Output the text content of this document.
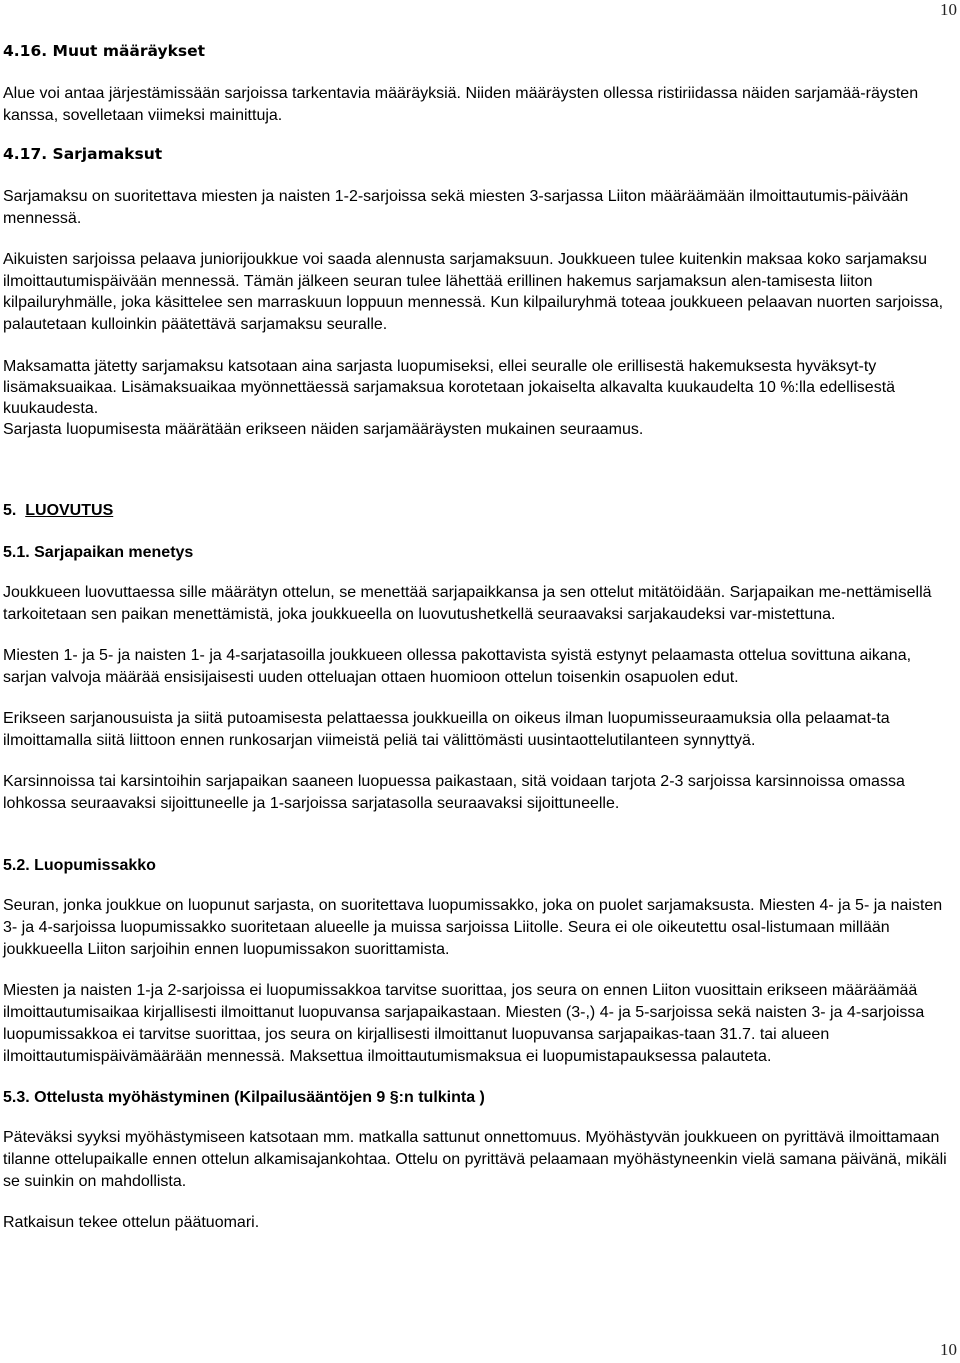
10
4.16. Muut määräykset

Alue voi antaa järjestämissään sarjoissa tarkentavia määräyksiä. Niiden määräysten ollessa ristiriidassa näiden sarjamää-räysten kanssa, sovelletaan viimeksi mainittuja.

4.17. Sarjamaksut

Sarjamaksu on suoritettava miesten ja naisten 1-2-sarjoissa sekä miesten 3-sarjassa Liiton määräämään ilmoittautumis-päivään mennessä.

Aikuisten sarjoissa pelaava juniorijoukkue voi saada alennusta sarjamaksuun. Joukkueen tulee kuitenkin maksaa koko sarjamaksu ilmoittautumispäivään mennessä. Tämän jälkeen seuran tulee lähettää erillinen hakemus sarjamaksun alen-tamisesta liiton kilpailuryhmälle, joka käsittelee sen marraskuun loppuun mennessä. Kun kilpailuryhmä toteaa joukkueen pelaavan nuorten sarjoissa, palautetaan kulloinkin päätettävä sarjamaksu seuralle.

Maksamatta jätetty sarjamaksu katsotaan aina sarjasta luopumiseksi, ellei seuralle ole erillisestä hakemuksesta hyväksyt-ty lisämaksuaikaa. Lisämaksuaikaa myönnettäessä sarjamaksua korotetaan jokaiselta alkavalta kuukaudelta 10 %:lla edellisestä kuukaudesta.

Sarjasta luopumisesta määrätään erikseen näiden sarjamääräysten mukainen seuraamus.

5. LUOVUTUS
5.1. Sarjapaikan menetys

Joukkueen luovuttaessa sille määrätyn ottelun, se menettää sarjapaikkansa ja sen ottelut mitätöidään. Sarjapaikan me-nettämisellä tarkoitetaan sen paikan menettämistä, joka joukkueella on luovutushetkellä seuraavaksi sarjakaudeksi var-mistettuna.

Miesten 1- ja 5- ja naisten 1- ja 4-sarjatasoilla joukkueen ollessa pakottavista syistä estynyt pelaamasta ottelua sovittuna aikana, sarjan valvoja määrää ensisijaisesti uuden otteluajan ottaen huomioon ottelun toisenkin osapuolen edut.

Erikseen sarjanousuista ja siitä putoamisesta pelattaessa joukkueilla on oikeus ilman luopumisseuraamuksia olla pelaamat-ta ilmoittamalla siitä liittoon ennen runkosarjan viimeistä peliä tai välittömästi uusintaottelutilanteen synnyttyä.

Karsinnoissa tai karsintoihin sarjapaikan saaneen luopuessa paikastaan, sitä voidaan tarjota 2-3 sarjoissa karsinnoissa omassa lohkossa seuraavaksi sijoittuneelle ja 1-sarjoissa sarjatasolla seuraavaksi sijoittuneelle.

5.2. Luopumissakko

Seuran, jonka joukkue on luopunut sarjasta, on suoritettava luopumissakko, joka on puolet sarjamaksusta. Miesten 4- ja 5- ja naisten 3- ja 4-sarjoissa luopumissakko suoritetaan alueelle ja muissa sarjoissa Liitolle. Seura ei ole oikeutettu osal-listumaan millään joukkueella Liiton sarjoihin ennen luopumissakon suorittamista.

Miesten ja naisten 1-ja 2-sarjoissa ei luopumissakkoa tarvitse suorittaa, jos seura on ennen Liiton vuosittain erikseen määräämää ilmoittautumisaikaa kirjallisesti ilmoittanut luopuvansa sarjapaikastaan. Miesten (3-,) 4- ja 5-sarjoissa sekä naisten 3- ja 4-sarjoissa luopumissakkoa ei tarvitse suorittaa, jos seura on kirjallisesti ilmoittanut luopuvansa sarjapaikas-taan 31.7. tai alueen ilmoittautumispäivämäärään mennessä. Maksettua ilmoittautumismaksua ei luopumistapauksessa palauteta.

5.3. Ottelusta myöhästyminen (Kilpailusääntöjen 9 §:n tulkinta )

Päteväksi syyksi myöhästymiseen katsotaan mm. matkalla sattunut onnettomuus. Myöhästyvän joukkueen on pyrittävä ilmoittamaan tilanne ottelupaikalle ennen ottelun alkamisajankohtaa. Ottelu on pyrittävä pelaamaan myöhästyneenkin vielä samana päivänä, mikäli se suinkin on mahdollista.

Ratkaisun tekee ottelun päätuomari.

10
